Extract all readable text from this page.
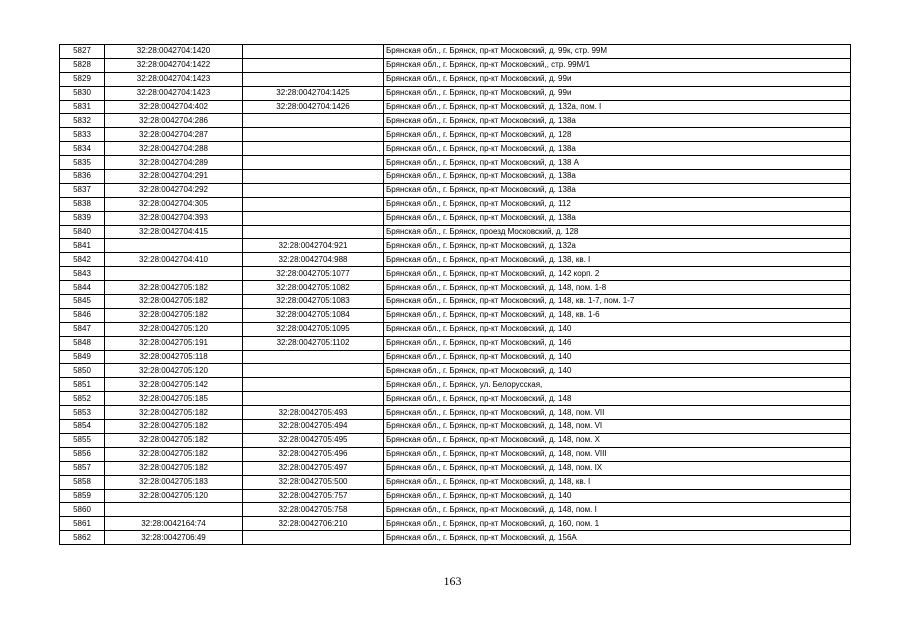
5827	32:28:0042704:1420		Брянская обл., г. Брянск, пр-кт Московский, д. 99к, стр. 99М
5828	32:28:0042704:1422		Брянская обл., г. Брянск, пр-кт Московский,, стр. 99М/1
5829	32:28:0042704:1423		Брянская обл., г. Брянск, пр-кт Московский, д. 99и
5830	32:28:0042704:1423	32:28:0042704:1425	Брянская обл., г. Брянск, пр-кт Московский, д. 99и
5831	32:28:0042704:402	32:28:0042704:1426	Брянская обл., г. Брянск, пр-кт Московский, д. 132а, пом. I
5832	32:28:0042704:286		Брянская обл., г. Брянск, пр-кт Московский, д. 138а
5833	32:28:0042704:287		Брянская обл., г. Брянск, пр-кт Московский, д. 128
5834	32:28:0042704:288		Брянская обл., г. Брянск, пр-кт Московский, д. 138а
5835	32:28:0042704:289		Брянская обл., г. Брянск, пр-кт Московский, д. 138 А
5836	32:28:0042704:291		Брянская обл., г. Брянск, пр-кт Московский, д. 138а
5837	32:28:0042704:292		Брянская обл., г. Брянск, пр-кт Московский, д. 138а
5838	32:28:0042704:305		Брянская обл., г. Брянск, пр-кт Московский, д. 112
5839	32:28:0042704:393		Брянская обл., г. Брянск, пр-кт Московский, д. 138а
5840	32:28:0042704:415		Брянская обл., г. Брянск, проезд Московский, д. 128
5841		32:28:0042704:921	Брянская обл., г. Брянск, пр-кт Московский, д. 132а
5842	32:28:0042704:410	32:28:0042704:988	Брянская обл., г. Брянск, пр-кт Московский, д. 138, кв. I
5843		32:28:0042705:1077	Брянская обл., г. Брянск, пр-кт Московский, д. 142 корп. 2
5844	32:28:0042705:182	32:28:0042705:1082	Брянская обл., г. Брянск, пр-кт Московский, д. 148, пом. 1-8
5845	32:28:0042705:182	32:28:0042705:1083	Брянская обл., г. Брянск, пр-кт Московский, д. 148, кв. 1-7, пом. 1-7
5846	32:28:0042705:182	32:28:0042705:1084	Брянская обл., г. Брянск, пр-кт Московский, д. 148, кв. 1-6
5847	32:28:0042705:120	32:28:0042705:1095	Брянская обл., г. Брянск, пр-кт Московский, д. 140
5848	32:28:0042705:191	32:28:0042705:1102	Брянская обл., г. Брянск, пр-кт Московский, д. 146
5849	32:28:0042705:118		Брянская обл., г. Брянск, пр-кт Московский, д. 140
5850	32:28:0042705:120		Брянская обл., г. Брянск, пр-кт Московский, д. 140
5851	32:28:0042705:142		Брянская обл., г. Брянск, ул. Белорусская,
5852	32:28:0042705:185		Брянская обл., г. Брянск, пр-кт Московский, д. 148
5853	32:28:0042705:182	32:28:0042705:493	Брянская обл., г. Брянск, пр-кт Московский, д. 148, пом. VII
5854	32:28:0042705:182	32:28:0042705:494	Брянская обл., г. Брянск, пр-кт Московский, д. 148, пом. VI
5855	32:28:0042705:182	32:28:0042705:495	Брянская обл., г. Брянск, пр-кт Московский, д. 148, пом. X
5856	32:28:0042705:182	32:28:0042705:496	Брянская обл., г. Брянск, пр-кт Московский, д. 148, пом. VIII
5857	32:28:0042705:182	32:28:0042705:497	Брянская обл., г. Брянск, пр-кт Московский, д. 148, пом. IX
5858	32:28:0042705:183	32:28:0042705:500	Брянская обл., г. Брянск, пр-кт Московский, д. 148, кв. I
5859	32:28:0042705:120	32:28:0042705:757	Брянская обл., г. Брянск, пр-кт Московский, д. 140
5860		32:28:0042705:758	Брянская обл., г. Брянск, пр-кт Московский, д. 148, пом. I
5861	32:28:0042164:74	32:28:0042706:210	Брянская обл., г. Брянск, пр-кт Московский, д. 160, пом. 1
5862	32:28:0042706:49		Брянская обл., г. Брянск, пр-кт Московский, д. 156А
163
